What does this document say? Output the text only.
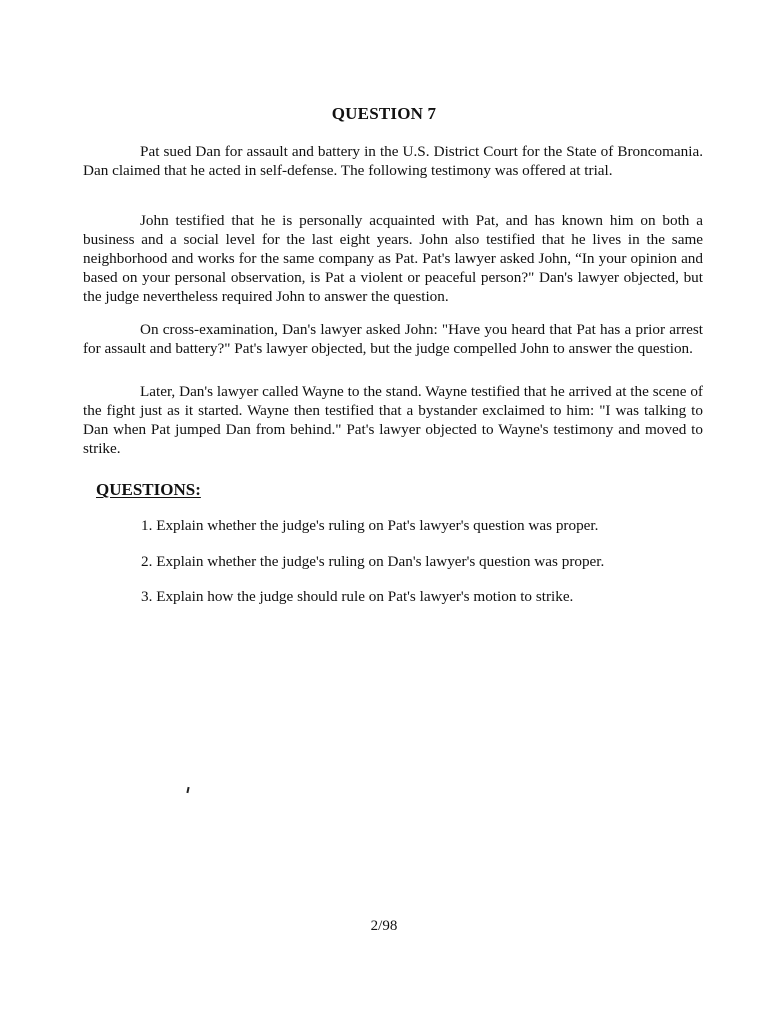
QUESTION 7

Pat sued Dan for assault and battery in the U.S. District Court for the State of Broncomania. Dan claimed that he acted in self-defense. The following testimony was offered at trial.

John testified that he is personally acquainted with Pat, and has known him on both a business and a social level for the last eight years. John also testified that he lives in the same neighborhood and works for the same company as Pat. Pat's lawyer asked John, “In your opinion and based on your personal observation, is Pat a violent or peaceful person?" Dan's lawyer objected, but the judge nevertheless required John to answer the question.

On cross-examination, Dan's lawyer asked John: "Have you heard that Pat has a prior arrest for assault and battery?" Pat's lawyer objected, but the judge compelled John to answer the question.

Later, Dan's lawyer called Wayne to the stand. Wayne testified that he arrived at the scene of the fight just as it started. Wayne then testified that a bystander exclaimed to him: "I was talking to Dan when Pat jumped Dan from behind." Pat's lawyer objected to Wayne's testimony and moved to strike.

QUESTIONS:
1. Explain whether the judge's ruling on Pat's lawyer's question was proper.
2. Explain whether the judge's ruling on Dan's lawyer's question was proper.
3. Explain how the judge should rule on Pat's lawyer's motion to strike.
2/98
